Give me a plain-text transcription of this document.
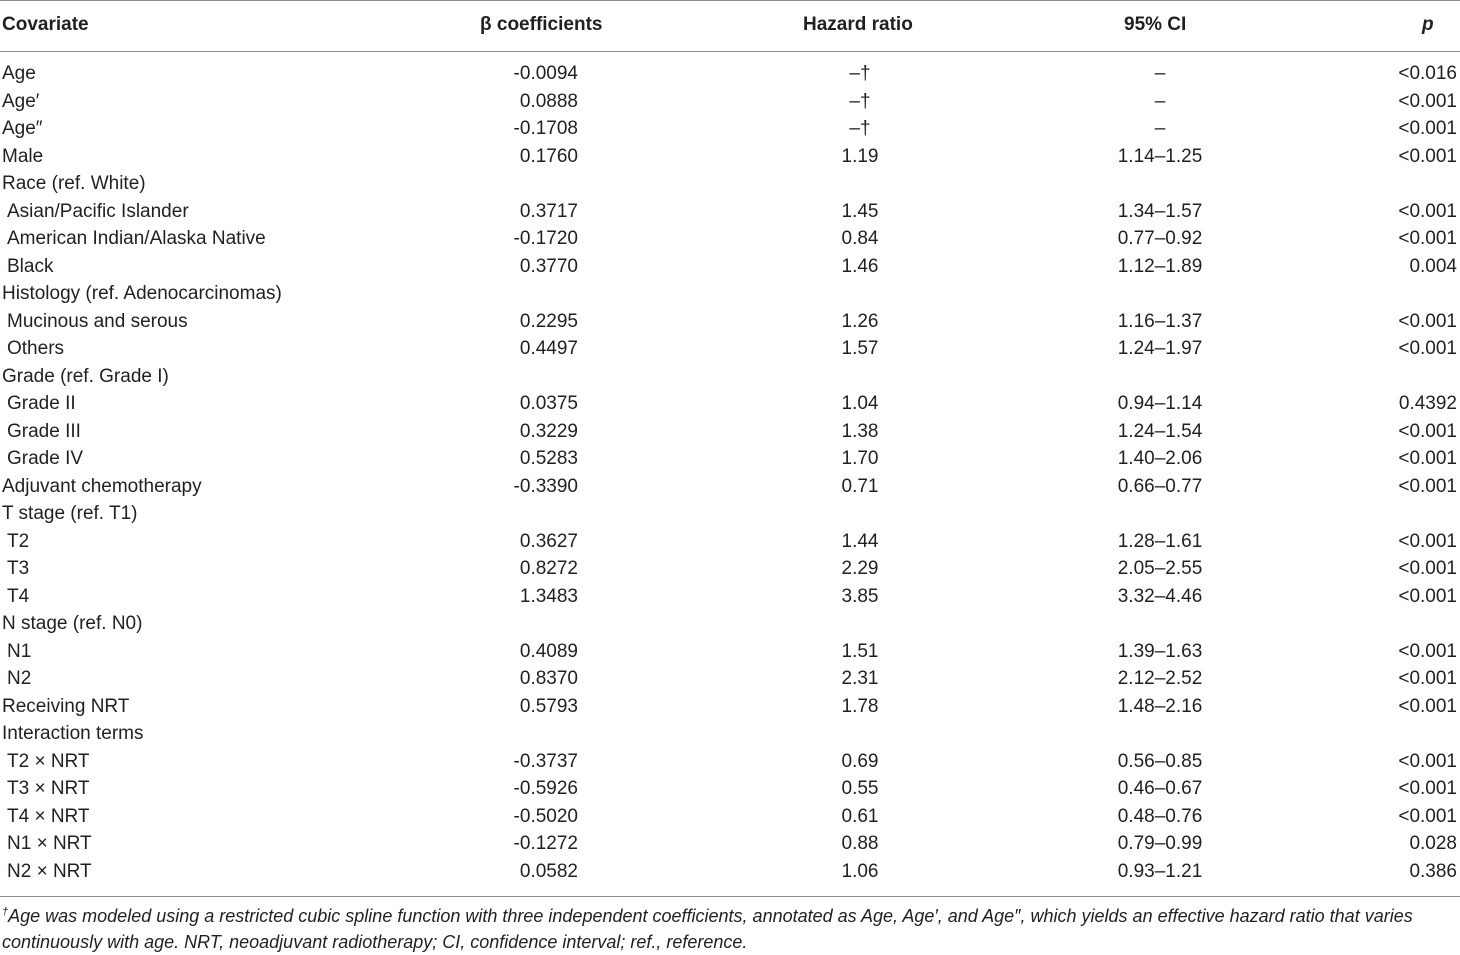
Covariate	β coefficients	Hazard ratio	95% CI	p
Age	-0.0094	–†	–	<0.016
Age′	0.0888	–†	–	<0.001
Age″	-0.1708	–†	–	<0.001
Male	0.1760	1.19	1.14–1.25	<0.001
Race (ref. White)
Asian/Pacific Islander	0.3717	1.45	1.34–1.57	<0.001
American Indian/Alaska Native	-0.1720	0.84	0.77–0.92	<0.001
Black	0.3770	1.46	1.12–1.89	0.004
Histology (ref. Adenocarcinomas)
Mucinous and serous	0.2295	1.26	1.16–1.37	<0.001
Others	0.4497	1.57	1.24–1.97	<0.001
Grade (ref. Grade I)
Grade II	0.0375	1.04	0.94–1.14	0.4392
Grade III	0.3229	1.38	1.24–1.54	<0.001
Grade IV	0.5283	1.70	1.40–2.06	<0.001
Adjuvant chemotherapy	-0.3390	0.71	0.66–0.77	<0.001
T stage (ref. T1)
T2	0.3627	1.44	1.28–1.61	<0.001
T3	0.8272	2.29	2.05–2.55	<0.001
T4	1.3483	3.85	3.32–4.46	<0.001
N stage (ref. N0)
N1	0.4089	1.51	1.39–1.63	<0.001
N2	0.8370	2.31	2.12–2.52	<0.001
Receiving NRT	0.5793	1.78	1.48–2.16	<0.001
Interaction terms
T2 × NRT	-0.3737	0.69	0.56–0.85	<0.001
T3 × NRT	-0.5926	0.55	0.46–0.67	<0.001
T4 × NRT	-0.5020	0.61	0.48–0.76	<0.001
N1 × NRT	-0.1272	0.88	0.79–0.99	0.028
N2 × NRT	0.0582	1.06	0.93–1.21	0.386
†Age was modeled using a restricted cubic spline function with three independent coefficients, annotated as Age, Age′, and Age″, which yields an effective hazard ratio that varies continuously with age. NRT, neoadjuvant radiotherapy; CI, confidence interval; ref., reference.
